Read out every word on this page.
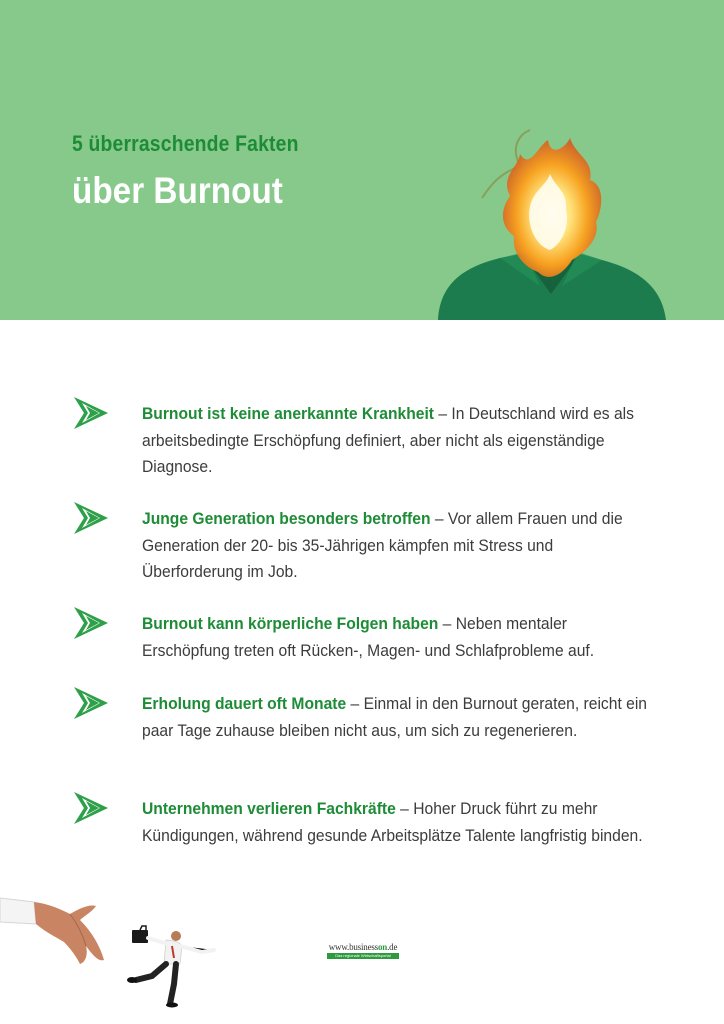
5 überraschende Fakten
über Burnout
Burnout ist keine anerkannte Krankheit – In Deutschland wird es als arbeitsbedingte Erschöpfung definiert, aber nicht als eigenständige Diagnose.
Junge Generation besonders betroffen – Vor allem Frauen und die Generation der 20- bis 35-Jährigen kämpfen mit Stress und Überforderung im Job.
Burnout kann körperliche Folgen haben – Neben mentaler Erschöpfung treten oft Rücken-, Magen- und Schlafprobleme auf.
Erholung dauert oft Monate – Einmal in den Burnout geraten, reicht ein paar Tage zuhause bleiben nicht aus, um sich zu regenerieren.
Unternehmen verlieren Fachkräfte – Hoher Druck führt zu mehr Kündigungen, während gesunde Arbeitsplätze Talente langfristig binden.
www.businesson.de
Das regionale Wirtschaftsportal
